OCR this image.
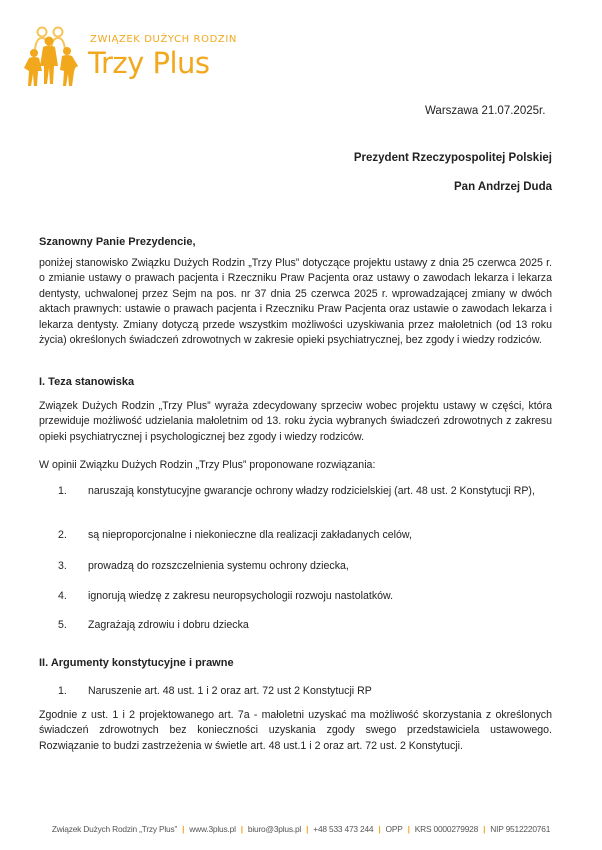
ZWIĄZEK DUŻYCH RODZIN
Trzy Plus
Warszawa 21.07.2025r.
Prezydent Rzeczypospolitej Polskiej
Pan Andrzej Duda
Szanowny Panie Prezydencie,
poniżej stanowisko Związku Dużych Rodzin „Trzy Plus” dotyczące projektu ustawy z dnia 25 czerwca 2025 r. o zmianie ustawy o prawach pacjenta i Rzeczniku Praw Pacjenta oraz ustawy o zawodach lekarza i lekarza dentysty, uchwalonej przez Sejm na pos. nr 37 dnia 25 czerwca 2025 r. wprowadzającej zmiany w dwóch aktach prawnych: ustawie o prawach pacjenta i Rzeczniku Praw Pacjenta oraz ustawie o zawodach lekarza i lekarza dentysty. Zmiany dotyczą przede wszystkim możliwości uzyskiwania przez małoletnich (od 13 roku życia) określonych świadczeń zdrowotnych w zakresie opieki psychiatrycznej, bez zgody i wiedzy rodziców.
I. Teza stanowiska
Związek Dużych Rodzin „Trzy Plus” wyraża zdecydowany sprzeciw wobec projektu ustawy w części, która przewiduje możliwość udzielania małoletnim od 13. roku życia wybranych świadczeń zdrowotnych z zakresu opieki psychiatrycznej i psychologicznej bez zgody i wiedzy rodziców.
W opinii Związku Dużych Rodzin „Trzy Plus” proponowane rozwiązania:
1. naruszają konstytucyjne gwarancje ochrony władzy rodzicielskiej (art. 48 ust. 2 Konstytucji RP),
2. są nieproporcjonalne i niekonieczne dla realizacji zakładanych celów,
3. prowadzą do rozszczelnienia systemu ochrony dziecka,
4. ignorują wiedzę z zakresu neuropsychologii rozwoju nastolatków.
5. Zagrażają zdrowiu i dobru dziecka
II. Argumenty konstytucyjne i prawne
1. Naruszenie art. 48 ust. 1 i 2 oraz art. 72 ust 2 Konstytucji RP
Zgodnie z ust. 1 i 2 projektowanego art. 7a - małoletni uzyskać ma możliwość skorzystania z określonych świadczeń zdrowotnych bez konieczności uzyskania zgody swego przedstawiciela ustawowego. Rozwiązanie to budzi zastrzeżenia w świetle art. 48 ust.1 i 2 oraz art. 72 ust. 2 Konstytucji.
Związek Dużych Rodzin „Trzy Plus” | www.3plus.pl | biuro@3plus.pl | +48 533 473 244 | OPP | KRS 0000279928 | NIP 9512220761
